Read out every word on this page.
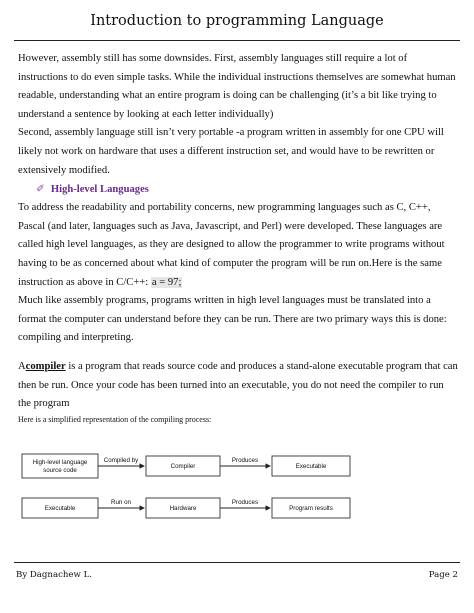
Introduction to programming Language

However, assembly still has some downsides. First, assembly languages still require a lot of instructions to do even simple tasks. While the individual instructions themselves are somewhat human readable, understanding what an entire program is doing can be challenging (it’s a bit like trying to understand a sentence by looking at each letter individually)

Second, assembly language still isn’t very portable -a program written in assembly for one CPU will likely not work on hardware that uses a different instruction set, and would have to be rewritten or extensively modified.

✐ High-level Languages

To address the readability and portability concerns, new programming languages such as C, C++, Pascal (and later, languages such as Java, Javascript, and Perl) were developed. These languages are called high level languages, as they are designed to allow the programmer to write programs without having to be as concerned about what kind of computer the program will be run on.Here is the same instruction as above in C/C++: a = 97;

Much like assembly programs, programs written in high level languages must be translated into a format the computer can understand before they can be run. There are two primary ways this is done: compiling and interpreting.

Acompiler is a program that reads source code and produces a stand-alone executable program that can then be run. Once your code has been turned into an executable, you do not need the compiler to run the program

Here is a simplified representation of the compiling process:

High-level language
source code
Compiled by
Compiler
Produces
Executable
Executable
Run on
Hardware
Produces
Program results
By Dagnachew L.	Page 2
